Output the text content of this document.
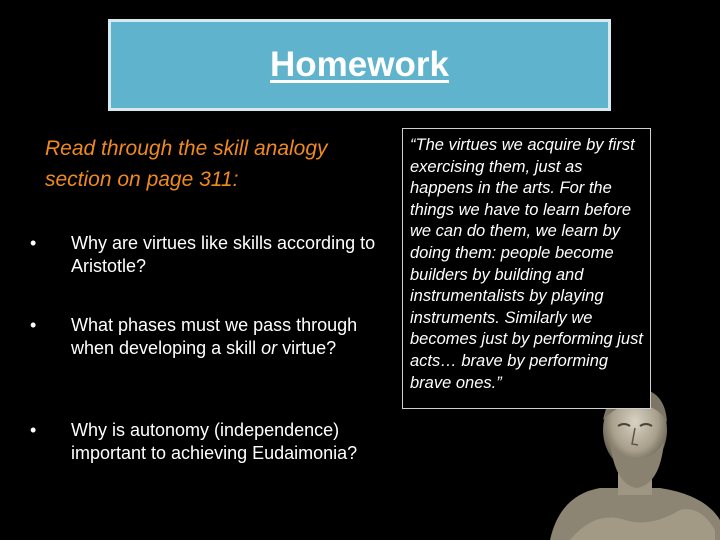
Homework
Read through the skill analogy section on page 311:
• Why are virtues like skills according to Aristotle?
• What phases must we pass through when developing a skill or virtue?
• Why is autonomy (independence) important to achieving Eudaimonia?
“The virtues we acquire by first exercising them, just as happens in the arts. For the things we have to learn before we can do them, we learn by doing them: people become builders by building and instrumentalists by playing instruments. Similarly we becomes just by performing just acts… brave by performing brave ones.”
